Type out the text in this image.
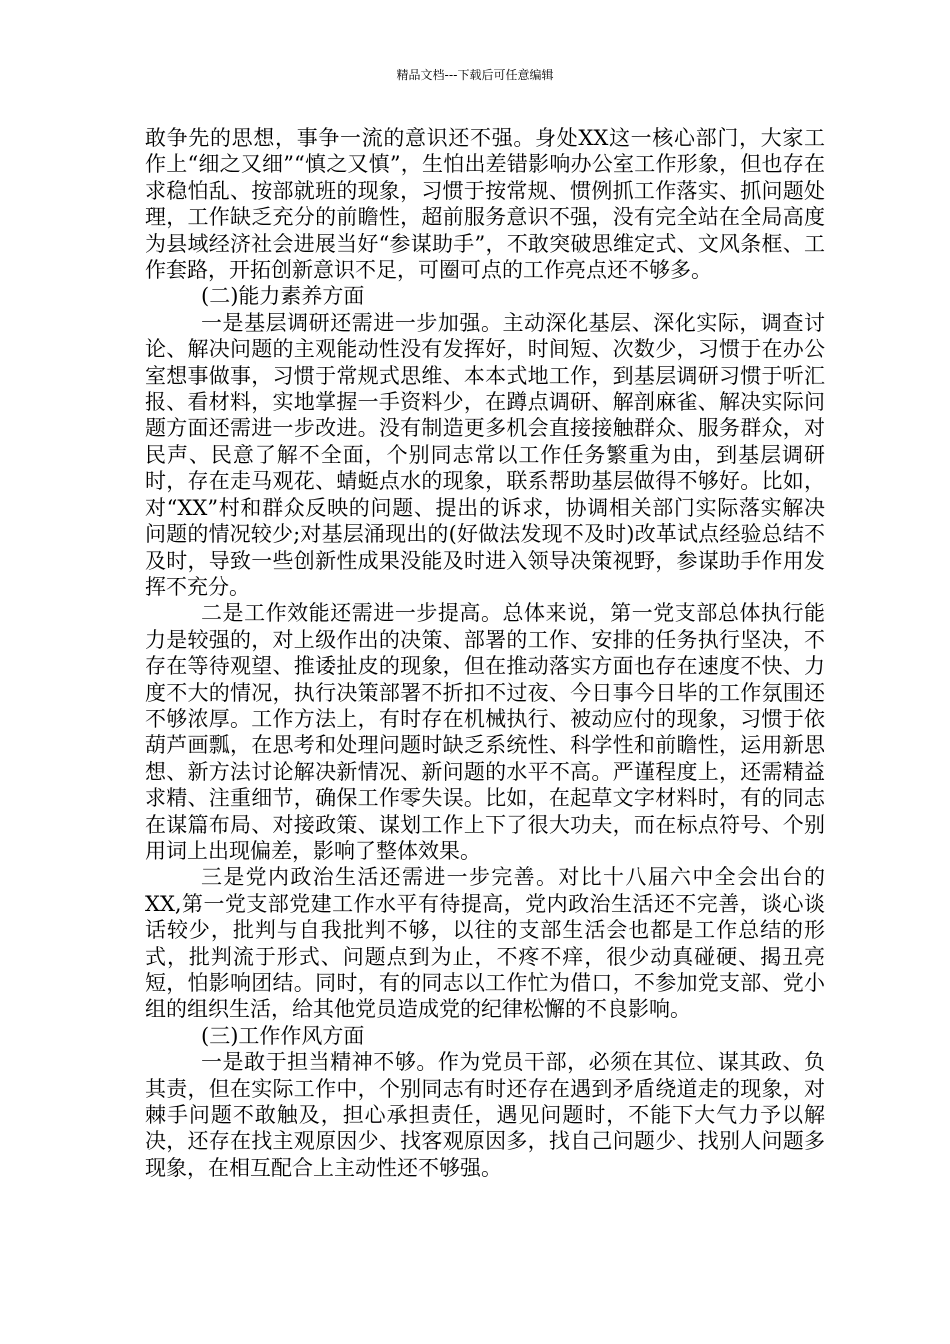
精品文档---下载后可任意编辑

敢争先的思想，事争一流的意识还不强。身处XX这一核心部门，大家工作上“细之又细”“慎之又慎”，生怕出差错影响办公室工作形象，但也存在求稳怕乱、按部就班的现象，习惯于按常规、惯例抓工作落实、抓问题处理，工作缺乏充分的前瞻性，超前服务意识不强，没有完全站在全局高度为县域经济社会进展当好“参谋助手”，不敢突破思维定式、文风条框、工作套路，开拓创新意识不足，可圈可点的工作亮点还不够多。

(二)能力素养方面

一是基层调研还需进一步加强。主动深化基层、深化实际，调查讨论、解决问题的主观能动性没有发挥好，时间短、次数少，习惯于在办公室想事做事，习惯于常规式思维、本本式地工作，到基层调研习惯于听汇报、看材料，实地掌握一手资料少，在蹲点调研、解剖麻雀、解决实际问题方面还需进一步改进。没有制造更多机会直接接触群众、服务群众，对民声、民意了解不全面，个别同志常以工作任务繁重为由，到基层调研时，存在走马观花、蜻蜓点水的现象，联系帮助基层做得不够好。比如，对“XX”村和群众反映的问题、提出的诉求，协调相关部门实际落实解决问题的情况较少;对基层涌现出的(好做法发现不及时)改革试点经验总结不及时，导致一些创新性成果没能及时进入领导决策视野，参谋助手作用发挥不充分。

二是工作效能还需进一步提高。总体来说，第一党支部总体执行能力是较强的，对上级作出的决策、部署的工作、安排的任务执行坚决，不存在等待观望、推诿扯皮的现象，但在推动落实方面也存在速度不快、力度不大的情况，执行决策部署不折扣不过夜、今日事今日毕的工作氛围还不够浓厚。工作方法上，有时存在机械执行、被动应付的现象，习惯于依葫芦画瓢，在思考和处理问题时缺乏系统性、科学性和前瞻性，运用新思想、新方法讨论解决新情况、新问题的水平不高。严谨程度上，还需精益求精、注重细节，确保工作零失误。比如，在起草文字材料时，有的同志在谋篇布局、对接政策、谋划工作上下了很大功夫，而在标点符号、个别用词上出现偏差，影响了整体效果。

三是党内政治生活还需进一步完善。对比十八届六中全会出台的XX,第一党支部党建工作水平有待提高，党内政治生活还不完善，谈心谈话较少，批判与自我批判不够，以往的支部生活会也都是工作总结的形式，批判流于形式、问题点到为止，不疼不痒，很少动真碰硬、揭丑亮短，怕影响团结。同时，有的同志以工作忙为借口，不参加党支部、党小组的组织生活，给其他党员造成党的纪律松懈的不良影响。

(三)工作作风方面

一是敢于担当精神不够。作为党员干部，必须在其位、谋其政、负其责，但在实际工作中，个别同志有时还存在遇到矛盾绕道走的现象，对棘手问题不敢触及，担心承担责任，遇见问题时，不能下大气力予以解决，还存在找主观原因少、找客观原因多，找自己问题少、找别人问题多现象，在相互配合上主动性还不够强。
